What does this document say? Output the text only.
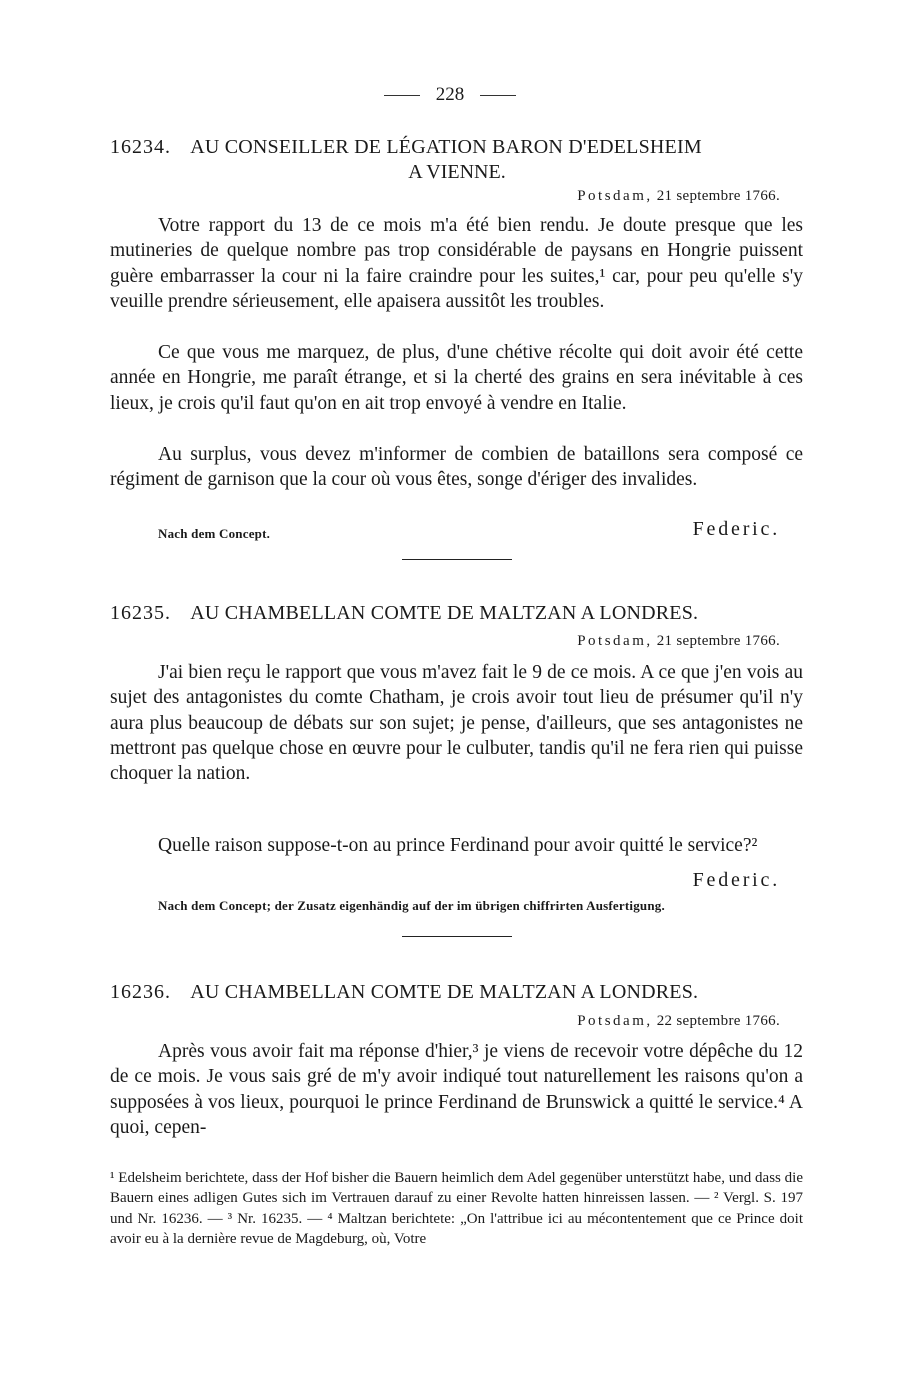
228
16234. AU CONSEILLER DE LÉGATION BARON D'EDELSHEIM
A VIENNE.
Potsdam, 21 septembre 1766.
Votre rapport du 13 de ce mois m'a été bien rendu. Je doute presque que les mutineries de quelque nombre pas trop considérable de paysans en Hongrie puissent guère embarrasser la cour ni la faire craindre pour les suites,¹ car, pour peu qu'elle s'y veuille prendre sérieusement, elle apaisera aussitôt les troubles.
Ce que vous me marquez, de plus, d'une chétive récolte qui doit avoir été cette année en Hongrie, me paraît étrange, et si la cherté des grains en sera inévitable à ces lieux, je crois qu'il faut qu'on en ait trop envoyé à vendre en Italie.
Au surplus, vous devez m'informer de combien de bataillons sera composé ce régiment de garnison que la cour où vous êtes, songe d'ériger des invalides.
Nach dem Concept.	Federic.
16235. AU CHAMBELLAN COMTE DE MALTZAN A LONDRES.
Potsdam, 21 septembre 1766.
J'ai bien reçu le rapport que vous m'avez fait le 9 de ce mois. A ce que j'en vois au sujet des antagonistes du comte Chatham, je crois avoir tout lieu de présumer qu'il n'y aura plus beaucoup de débats sur son sujet; je pense, d'ailleurs, que ses antagonistes ne mettront pas quelque chose en œuvre pour le culbuter, tandis qu'il ne fera rien qui puisse choquer la nation.
Quelle raison suppose-t-on au prince Ferdinand pour avoir quitté le service?²
Federic.
Nach dem Concept; der Zusatz eigenhändig auf der im übrigen chiffrirten Ausfertigung.
16236. AU CHAMBELLAN COMTE DE MALTZAN A LONDRES.
Potsdam, 22 septembre 1766.
Après vous avoir fait ma réponse d'hier,³ je viens de recevoir votre dépêche du 12 de ce mois. Je vous sais gré de m'y avoir indiqué tout naturellement les raisons qu'on a supposées à vos lieux, pourquoi le prince Ferdinand de Brunswick a quitté le service.⁴ A quoi, cepen-
¹ Edelsheim berichtete, dass der Hof bisher die Bauern heimlich dem Adel gegenüber unterstützt habe, und dass die Bauern eines adligen Gutes sich im Vertrauen darauf zu einer Revolte hatten hinreissen lassen. — ² Vergl. S. 197 und Nr. 16236. — ³ Nr. 16235. — ⁴ Maltzan berichtete: „On l'attribue ici au mécontentement que ce Prince doit avoir eu à la dernière revue de Magdeburg, où, Votre
